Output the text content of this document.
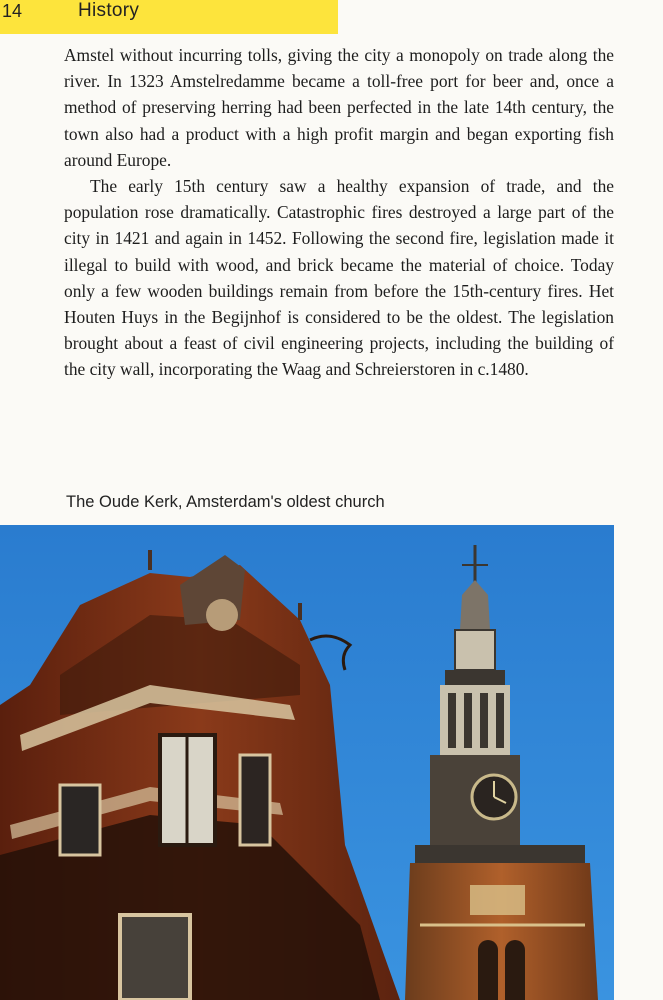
14	History

Amstel without incurring tolls, giving the city a monopoly on trade along the river. In 1323 Amstelredamme became a toll-free port for beer and, once a method of preserving herring had been perfected in the late 14th century, the town also had a product with a high profit margin and began exporting fish around Europe.

The early 15th century saw a healthy expansion of trade, and the population rose dramatically. Catastrophic fires destroyed a large part of the city in 1421 and again in 1452. Following the second fire, legislation made it illegal to build with wood, and brick became the material of choice. Today only a few wooden buildings remain from before the 15th-century fires. Het Houten Huys in the Begijnhof is considered to be the oldest. The legislation brought about a feast of civil engineering projects, including the building of the city wall, incorporating the Waag and Schreierstoren in c.1480.

The Oude Kerk, Amsterdam's oldest church
